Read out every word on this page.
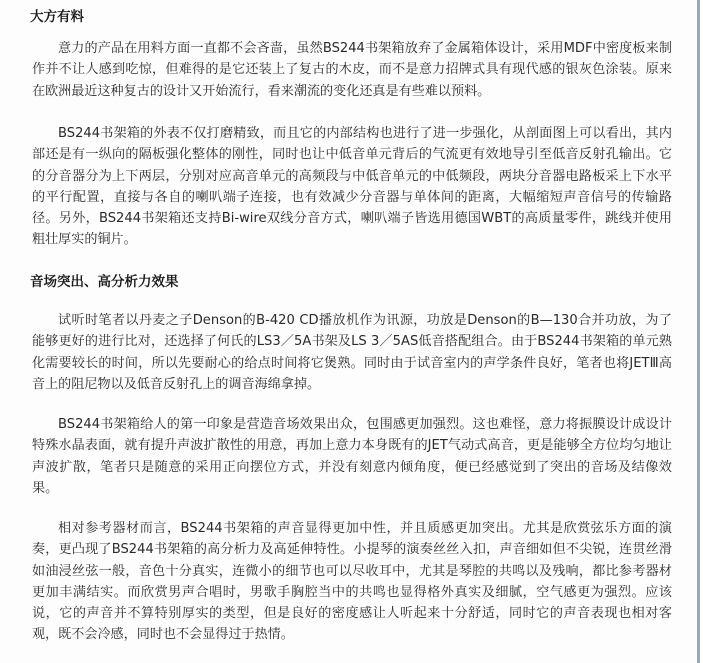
大方有料

意力的产品在用料方面一直都不会吝啬，虽然BS244书架箱放弃了金属箱体设计，采用MDF中密度板来制作并不让人感到吃惊，但难得的是它还装上了复古的木皮，而不是意力招牌式具有现代感的银灰色涂装。原来在欧洲最近这种复古的设计又开始流行，看来潮流的变化还真是有些难以预料。

BS244书架箱的外表不仅打磨精致，而且它的内部结构也进行了进一步强化，从剖面图上可以看出，其内部还是有一纵向的隔板强化整体的刚性，同时也让中低音单元背后的气流更有效地导引至低音反射孔输出。它的分音器分为上下两层，分别对应高音单元的高频段与中低音单元的中低频段，两块分音器电路板采上下水平的平行配置，直接与各自的喇叭端子连接，也有效减少分音器与单体间的距离，大幅缩短声音信号的传输路径。另外，BS244书架箱还支持Bi-wire双线分音方式，喇叭端子皆选用德国WBT的高质量零件，跳线并使用粗壮厚实的铜片。

音场突出、高分析力效果

试听时笔者以丹麦之子Denson的B-420 CD播放机作为讯源，功放是Denson的B—130合并功放，为了能够更好的进行比对，还选择了何氏的LS3／5A书架及LS 3／5AS低音搭配组合。由于BS244书架箱的单元熟化需要较长的时间，所以先要耐心的给点时间将它煲熟。同时由于试音室内的声学条件良好，笔者也将JETⅢ高音上的阻尼物以及低音反射孔上的调音海绵拿掉。

BS244书架箱给人的第一印象是营造音场效果出众，包围感更加强烈。这也难怪，意力将振膜设计成设计特殊水晶表面，就有提升声波扩散性的用意，再加上意力本身既有的JET气动式高音，更是能够全方位均匀地让声波扩散，笔者只是随意的采用正向摆位方式，并没有刻意内倾角度，便已经感觉到了突出的音场及结像效果。

相对参考器材而言，BS244书架箱的声音显得更加中性，并且质感更加突出。尤其是欣赏弦乐方面的演奏，更凸现了BS244书架箱的高分析力及高延伸特性。小提琴的演奏丝丝入扣，声音细如但不尖锐，连贯丝滑如油浸丝弦一般，音色十分真实，连微小的细节也可以尽收耳中，尤其是琴腔的共鸣以及残响，都比参考器材更加丰满结实。而欣赏男声合唱时，男歌手胸腔当中的共鸣也显得格外真实及细腻，空气感更为强烈。应该说，它的声音并不算特别厚实的类型，但是良好的密度感让人听起来十分舒适，同时它的声音表现也相对客观，既不会冷感，同时也不会显得过于热情。
